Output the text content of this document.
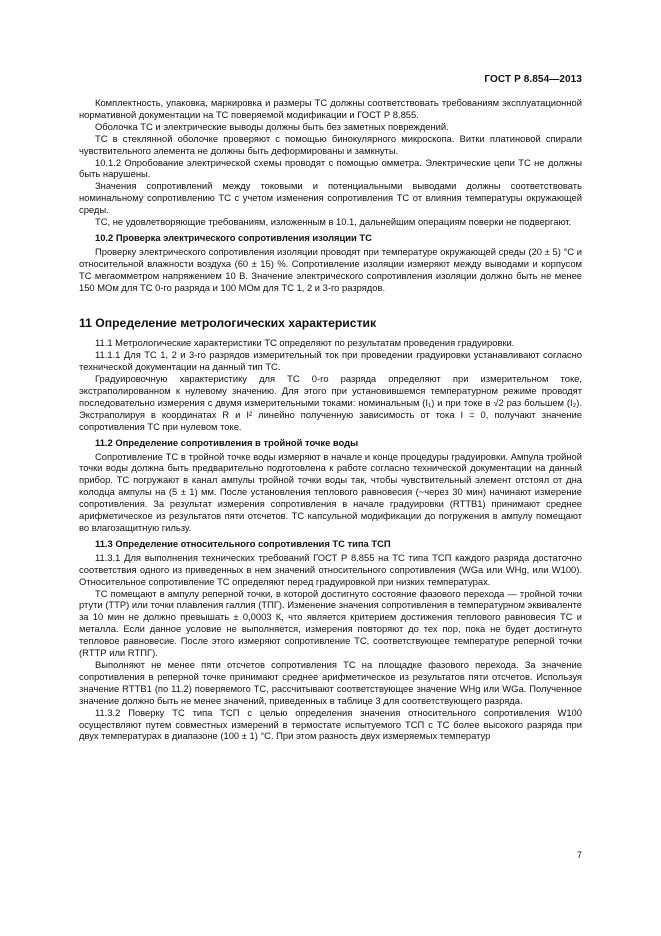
ГОСТ Р 8.854—2013

Комплектность, упаковка, маркировка и размеры ТС должны соответствовать требованиям эксплуатационной нормативной документации на ТС поверяемой модификации и ГОСТ Р 8.855.

Оболочка ТС и электрические выводы должны быть без заметных повреждений.

ТС в стеклянной оболочке проверяют с помощью бинокулярного микроскопа. Витки платиновой спирали чувствительного элемента не должны быть деформированы и замкнуты.

10.1.2 Опробование электрической схемы проводят с помощью омметра. Электрические цепи ТС не должны быть нарушены.

Значения сопротивлений между токовыми и потенциальными выводами должны соответствовать номинальному сопротивлению ТС с учетом изменения сопротивления ТС от влияния температуры окружающей среды.

ТС, не удовлетворяющие требованиям, изложенным в 10.1, дальнейшим операциям поверки не подвергают.

10.2 Проверка электрического сопротивления изоляции ТС

Проверку электрического сопротивления изоляции проводят при температуре окружающей среды (20 ± 5) °С и относительной влажности воздуха (60 ± 15) %. Сопротивление изоляции измеряют между выводами и корпусом ТС мегаомметром напряжением 10 В. Значение электрического сопротивления изоляции должно быть не менее 150 МОм для ТС 0-го разряда и 100 МОм для ТС 1, 2 и 3-го разрядов.

11 Определение метрологических характеристик

11.1 Метрологические характеристики ТС определяют по результатам проведения градуировки.

11.1.1 Для ТС 1, 2 и 3-го разрядов измерительный ток при проведении градуировки устанавливают согласно технической документации на данный тип ТС.

Градуировочную характеристику для ТС 0-го разряда определяют при измерительном токе, экстраполированном к нулевому значению. Для этого при установившемся температурном режиме проводят последовательно измерения с двумя измерительными токами: номинальным (I₁) и при токе в √2 раз большем (I₂). Экстраполируя в координатах R и I² линейно полученную зависимость от тока I = 0, получают значение сопротивления ТС при нулевом токе.

11.2 Определение сопротивления в тройной точке воды

Сопротивление ТС в тройной точке воды измеряют в начале и конце процедуры градуировки. Ампула тройной точки воды должна быть предварительно подготовлена к работе согласно технической документации на данный прибор. ТС погружают в канал ампулы тройной точки воды так, чтобы чувствительный элемент отстоял от дна колодца ампулы на (5 ± 1) мм. После установления теплового равновесия (~через 30 мин) начинают измерение сопротивления. За результат измерения сопротивления в начале градуировки (RТТВ1) принимают среднее арифметическое из результатов пяти отсчетов. ТС капсульной модификации до погружения в ампулу помещают во влагозащитную гильзу.

11.3 Определение относительного сопротивления ТС типа ТСП

11.3.1 Для выполнения технических требований ГОСТ Р 8.855 на ТС типа ТСП каждого разряда достаточно соответствия одного из приведенных в нем значений относительного сопротивления (WGa или WHg, или W100). Относительное сопротивление ТС определяют перед градуировкой при низких температурах.

ТС помещают в ампулу реперной точки, в которой достигнуто состояние фазового перехода — тройной точки ртути (ТТР) или точки плавления галлия (ТПГ). Изменение значения сопротивления в температурном эквиваленте за 10 мин не должно превышать ± 0,0003 К, что является критерием достижения теплового равновесия ТС и металла. Если данное условие не выполняется, измерения повторяют до тех пор, пока не будет достигнуто тепловое равновесие. После этого измеряют сопротивление ТС, соответствующее температуре реперной точки (RТТР или RТПГ).

Выполняют не менее пяти отсчетов сопротивления ТС на площадке фазового перехода. За значение сопротивления в реперной точке принимают среднее арифметическое из результатов пяти отсчетов. Используя значение RТТВ1 (по 11.2) поверяемого ТС, рассчитывают соответствующее значение WHg или WGa. Полученное значение должно быть не менее значений, приведенных в таблице 3 для соответствующего разряда.

11.3.2 Поверку ТС типа ТСП с целью определения значения относительного сопротивления W100 осуществляют путем совместных измерений в термостате испытуемого ТСП с ТС более высокого разряда при двух температурах в диапазоне (100 ± 1) °С. При этом разность двух измеряемых температур

7
